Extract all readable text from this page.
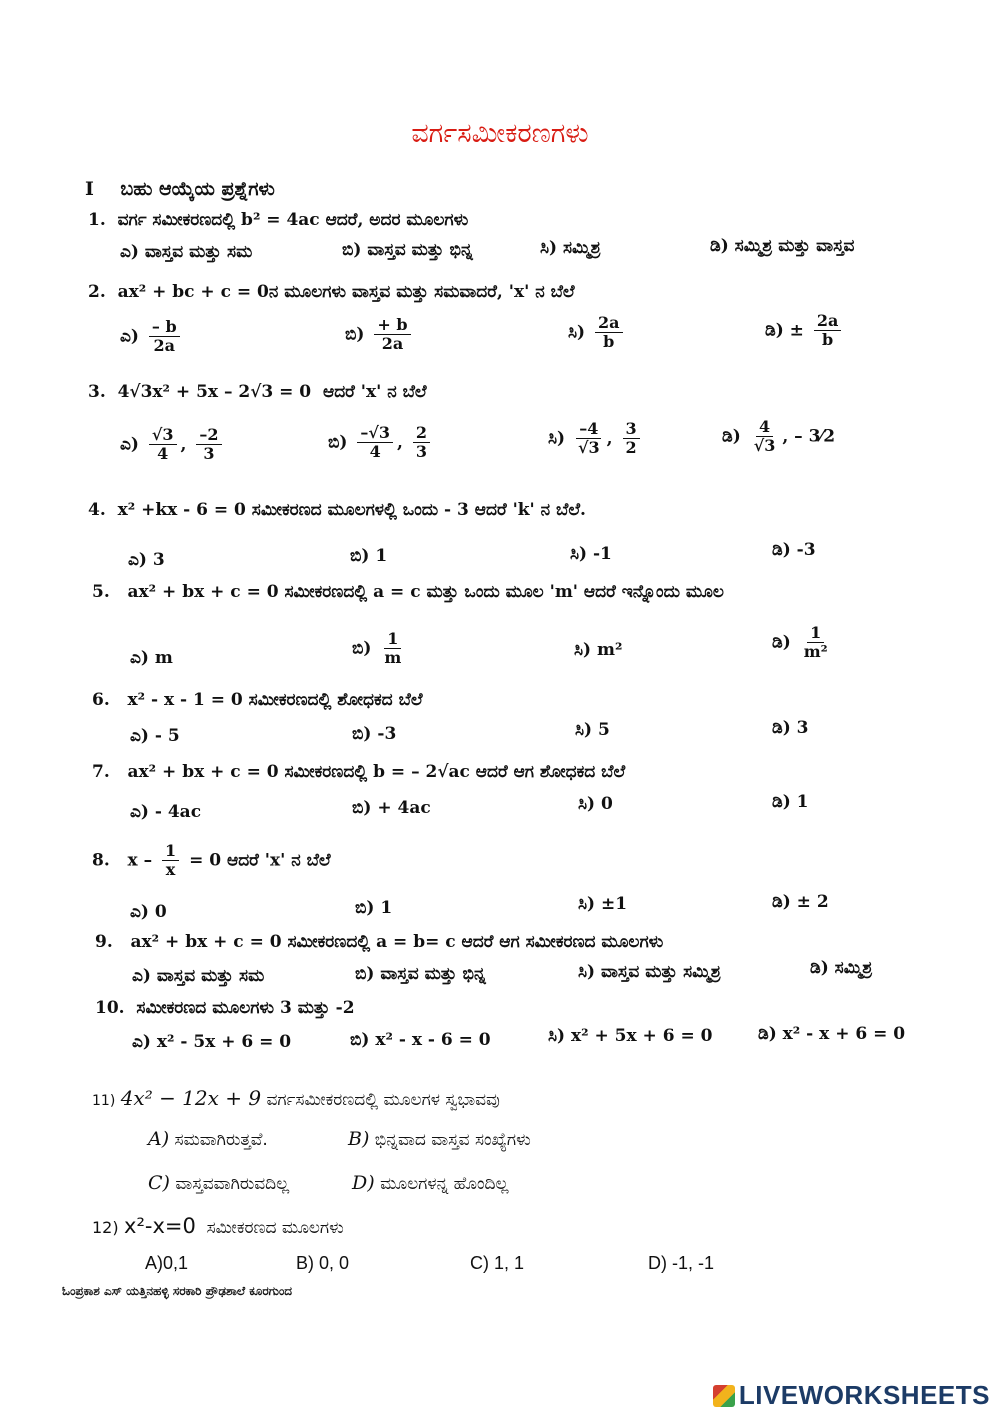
ವರ್ಗಸಮೀಕರಣಗಳು
I ಬಹು ಆಯ್ಕೆಯ ಪ್ರಶ್ನೆಗಳು
1. ವರ್ಗ ಸಮೀಕರಣದಲ್ಲಿ b² = 4ac ಆದರೆ, ಅದರ ಮೂಲಗಳು
ಎ) ವಾಸ್ತವ ಮತ್ತು ಸಮ	ಬಿ) ವಾಸ್ತವ ಮತ್ತು ಭಿನ್ನ	ಸಿ) ಸಮ್ಮಿಶ್ರ	ಡಿ) ಸಮ್ಮಿಶ್ರ ಮತ್ತು ವಾಸ್ತವ
2. ax² + bc + c = 0ನ ಮೂಲಗಳು ವಾಸ್ತವ ಮತ್ತು ಸಮವಾದರೆ, 'x' ನ ಬೆಲೆ
ಎ) $\frac{- b}{2a}$	ಬಿ) $\frac{+ b}{2a}$	ಸಿ) $\frac{2a}{b}$	ಡಿ) ± $\frac{2a}{b}$
3. 4√3x² + 5x – 2√3 = 0 ಆದರೆ 'x' ನ ಬೆಲೆ
ಎ) $\frac{√3}{4}$ , $\frac{-2}{3}$	ಬಿ) $\frac{-√3}{4}$ , $\frac{2}{3}$	ಸಿ) $\frac{-4}{√3}$ , $\frac{3}{2}$	ಡಿ) $\frac{4}{√3}$ , – 3⁄2
4. x² +kx - 6 = 0 ಸಮೀಕರಣದ ಮೂಲಗಳಲ್ಲಿ ಒಂದು - 3 ಆದರೆ 'k' ನ ಬೆಲೆ.
ಎ) 3	ಬಿ) 1	ಸಿ) -1	ಡಿ) -3
5. ax² + bx + c = 0 ಸಮೀಕರಣದಲ್ಲಿ a = c ಮತ್ತು ಒಂದು ಮೂಲ 'm' ಆದರೆ ಇನ್ನೊಂದು ಮೂಲ
ಎ) m	ಬಿ) $\frac{1}{m}$	ಸಿ) m²	ಡಿ) $\frac{1}{\text{m²}}$
6. x² - x - 1 = 0 ಸಮೀಕರಣದಲ್ಲಿ ಶೋಧಕದ ಬೆಲೆ
ಎ) - 5	ಬಿ) -3	ಸಿ) 5	ಡಿ) 3
7. ax² + bx + c = 0 ಸಮೀಕರಣದಲ್ಲಿ b = – 2√ac ಆದರೆ ಆಗ ಶೋಧಕದ ಬೆಲೆ
ಎ) - 4ac	ಬಿ) + 4ac	ಸಿ) 0	ಡಿ) 1
8. $x - \frac{1}{x} = 0$ ಆದರೆ 'x' ನ ಬೆಲೆ
ಎ) 0	ಬಿ) 1	ಸಿ) ±1	ಡಿ) ± 2
9. ax² + bx + c = 0 ಸಮೀಕರಣದಲ್ಲಿ a = b= c ಆದರೆ ಆಗ ಸಮೀಕರಣದ ಮೂಲಗಳು
ಎ) ವಾಸ್ತವ ಮತ್ತು ಸಮ	ಬಿ) ವಾಸ್ತವ ಮತ್ತು ಭಿನ್ನ	ಸಿ) ವಾಸ್ತವ ಮತ್ತು ಸಮ್ಮಿಶ್ರ	ಡಿ) ಸಮ್ಮಿಶ್ರ
10. ಸಮೀಕರಣದ ಮೂಲಗಳು 3 ಮತ್ತು -2
ಎ) x² - 5x + 6 = 0	ಬಿ) x² - x - 6 = 0	ಸಿ) x² + 5x + 6 = 0	ಡಿ) x² - x + 6 = 0
11) 4x² − 12x + 9 ವರ್ಗಸಮೀಕರಣದಲ್ಲಿ ಮೂಲಗಳ ಸ್ವಭಾವವು
A) ಸಮವಾಗಿರುತ್ತವೆ.	B) ಭಿನ್ನವಾದ ವಾಸ್ತವ ಸಂಖ್ಯೆಗಳು
C) ವಾಸ್ತವವಾಗಿರುವದಿಲ್ಲ	D) ಮೂಲಗಳನ್ನ ಹೊಂದಿಲ್ಲ
12) x²-x=0 ಸಮೀಕರಣದ ಮೂಲಗಳು
A)0,1	B) 0, 0	C) 1, 1	D) -1, -1
ಓಂಪ್ರಕಾಶ ಎಸ್ ಯತ್ತಿನಹಳ್ಳಿ ಸರಕಾರಿ ಪ್ರೌಢಶಾಲೆ ಕೂರಗುಂದ
LIVEWORKSHEETS
